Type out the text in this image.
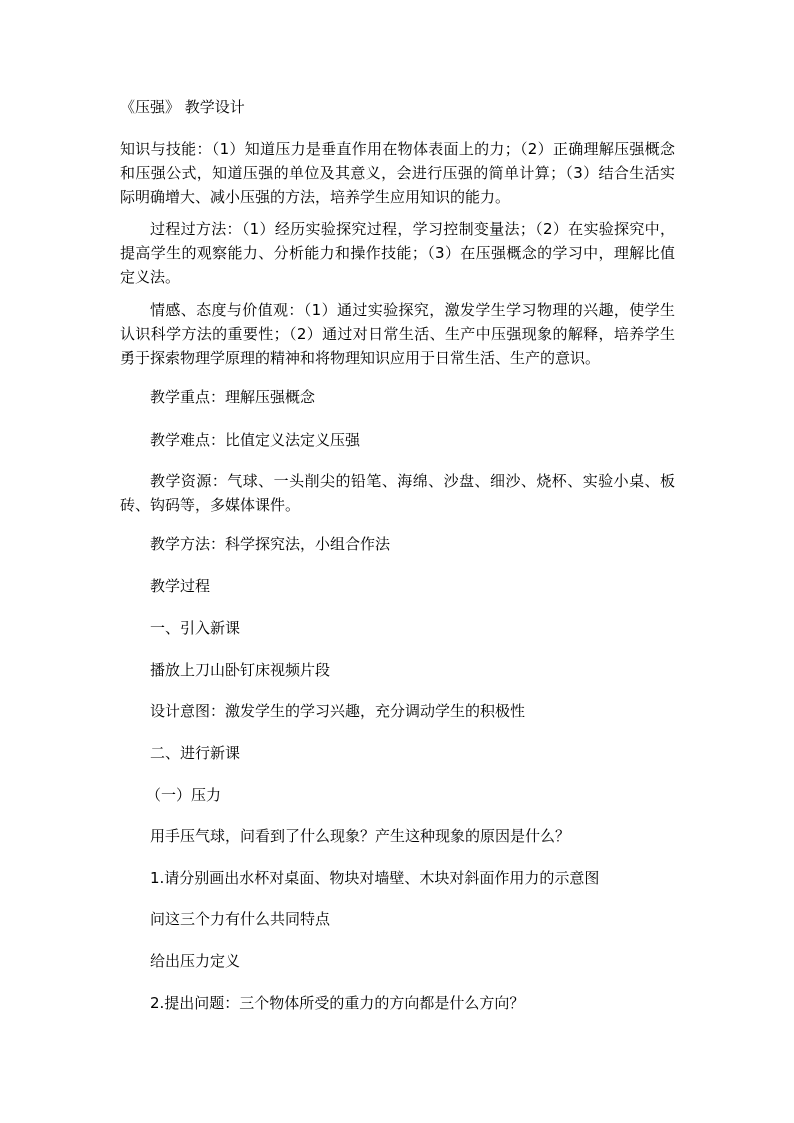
《压强》 教学设计
知识与技能：（1）知道压力是垂直作用在物体表面上的力；（2）正确理解压强概念和压强公式，知道压强的单位及其意义，会进行压强的简单计算；（3）结合生活实际明确增大、减小压强的方法，培养学生应用知识的能力。
过程过方法：（1）经历实验探究过程，学习控制变量法；（2）在实验探究中，提高学生的观察能力、分析能力和操作技能；（3）在压强概念的学习中，理解比值定义法。
情感、态度与价值观：（1）通过实验探究，激发学生学习物理的兴趣，使学生认识科学方法的重要性；（2）通过对日常生活、生产中压强现象的解释，培养学生勇于探索物理学原理的精神和将物理知识应用于日常生活、生产的意识。
教学重点：理解压强概念
教学难点：比值定义法定义压强
教学资源：气球、一头削尖的铅笔、海绵、沙盘、细沙、烧杯、实验小桌、板砖、钩码等，多媒体课件。
教学方法：科学探究法，小组合作法
教学过程
一、引入新课
播放上刀山卧钉床视频片段
设计意图：激发学生的学习兴趣，充分调动学生的积极性
二、进行新课
（一）压力
用手压气球，问看到了什么现象？产生这种现象的原因是什么？
1.请分别画出水杯对桌面、物块对墙壁、木块对斜面作用力的示意图
问这三个力有什么共同特点
给出压力定义
2.提出问题：三个物体所受的重力的方向都是什么方向？
